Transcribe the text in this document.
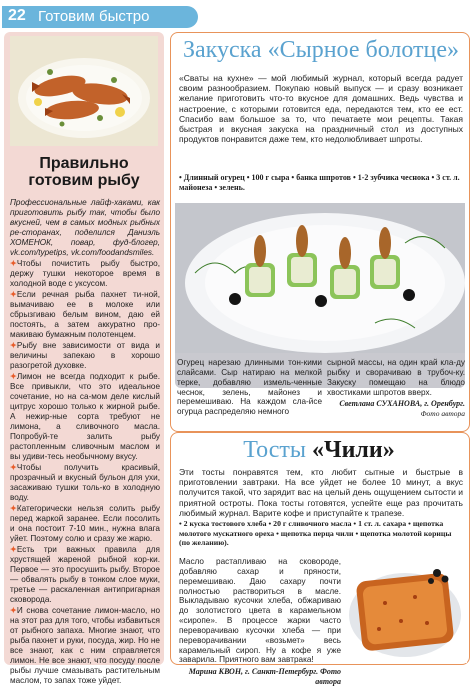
22 Готовим быстро
Правильно готовим рыбу

Профессиональные лайф-хаками, как приготовить рыбу так, чтобы было вкусней, чем в самых модных рыбных ре-сторанах, поделился Даниэль ХОМЕНОК, повар, фуд-блогер, vk.com/typetips, vk.com/foodandsmiles.

✦Чтобы почистить рыбу быстро, держу тушки некоторое время в холодной воде с уксусом.

✦Если речная рыба пахнет ти-ной, вымачиваю ее в молоке или сбрызгиваю белым вином, даю ей постоять, а затем аккуратно про-макиваю бумажным полотенцем.

✦Рыбу вне зависимости от вида и величины запекаю в хорошо разогретой духовке.

✦Лимон не всегда подходит к рыбе. Все привыкли, что это идеальное сочетание, но на са-мом деле кислый цитрус хорошо только к жирной рыбе. А нежир-ные сорта требуют не лимона, а сливочного масла. Попробуй-те залить рыбу растопленным сливочным маслом и вы удиви-тесь необычному вкусу.

✦Чтобы получить красивый, прозрачный и вкусный бульон для ухи, засаживаю тушки толь-ко в холодную воду.

✦Категорически нельзя солить рыбу перед жаркой заранее. Если посолить и она постоит 7-10 мин., нужна влага уйет. Поэтому солю и сразу же жарю.

✦Есть три важных правила для хрустящей жареной рыбной кор-ки. Первое — это просушить рыбу. Второе — обвалять рыбу в тонком слое муки, третье — раскаленная антипригарная сковорода.

✦И снова сочетание лимон-масло, но на этот раз для того, чтобы избавиться от рыбного запаха. Многие знают, что рыба пахнет и руки, посуда, жир. Но не все знают, как с ним справляется лимон. Не все знают, что посуду после рыбы лучше смазывать растительным маслом, то запах тоже уйдет.

Закуска «Сырное болотце»
«Сваты на кухне» — мой любимый журнал, который всегда радует своим разнообразием. Покупаю новый выпуск — и сразу возникает желание приготовить что-то вкусное для домашних. Ведь чувства и настроение, с которыми готовится еда, передаются тем, кто ее ест. Спасибо вам большое за то, что печатаете мои рецепты. Такая быстрая и вкусная закуска на праздничный стол из доступных продуктов понравится даже тем, кто недолюбливает шпроты.
• Длинный огурец • 100 г сыра • банка шпротов • 1-2 зубчика чеснока • 3 ст. л. майонеза • зелень.
Огурец нарезаю длинными тон-кими слайсами. Сыр натираю на мелкой терке, добавляю измель-ченные чеснок, зелень, майонез и перемешиваю. На каждом сла-йсе огурца распределяю немного
сырной массы, на один край кла-ду рыбку и сворачиваю в трубоч-ку. Закуску помещаю на блюдо хвостиками шпротов вверх.
Светлана СУХАНОВА, г. Оренбург.
Фото автора
Тосты «Чили»
Эти тосты понравятся тем, кто любит сытные и быстрые в приготовлении завтраки. На все уйдет не более 10 минут, а вкус получится такой, что зарядит вас на целый день ощущением сытости и приятной остроты. Пока тосты готовятся, успейте еще раз прочитать любимый журнал. Варите кофе и приступайте к трапезе.
• 2 куска тостового хлеба • 20 г сливочного масла • 1 ст. л. сахара • щепотка молотого мускатного ореха • щепотка перца чили • щепотка молотой корицы (по желанию).
Масло растапливаю на сковороде, добавляю сахар и пряности, перемешиваю. Даю сахару почти полностью раствориться в масле. Выкладываю кусочки хлеба, обжариваю до золотистого цвета в карамельном «сиропе». В процессе жарки часто переворачиваю кусочки хлеба — при переворачивании «возьмет» весь карамельный сироп. Ну а кофе я уже заварила. Приятного вам завтрака!
Марина КВОН, г. Санкт-Петербург. Фото автора
